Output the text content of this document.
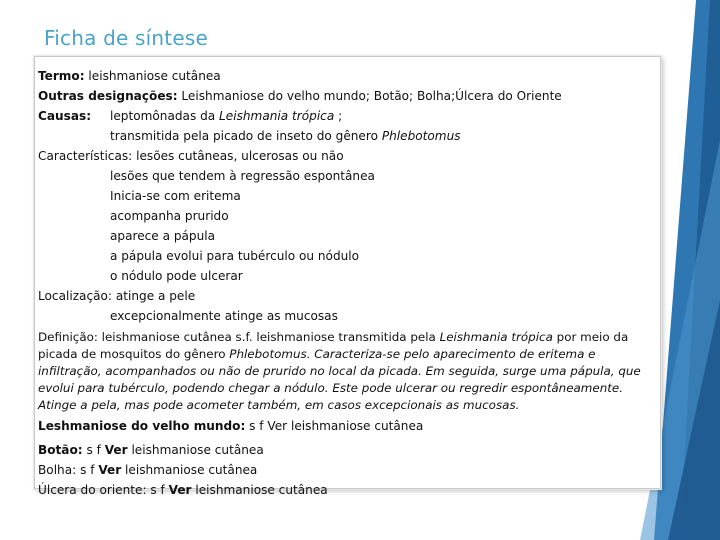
Ficha de síntese
Termo: leishmaniose cutânea
Outras designações: Leishmaniose do velho mundo; Botão; Bolha;Úlcera do Oriente
Causas: leptomônadas da Leishmania trópica ;
transmitida pela picado de inseto do gênero Phlebotomus
Características: lesões cutâneas, ulcerosas ou não
lesões que tendem à regressão espontânea
Inicia-se com eritema
acompanha prurido
aparece a pápula
a pápula evolui para tubérculo ou nódulo
o nódulo pode ulcerar
Localização: atinge a pele
excepcionalmente atinge as mucosas
Definição: leishmaniose cutânea s.f. leishmaniose transmitida pela Leishmania trópica por meio da picada de mosquitos do gênero Phlebotomus. Caracteriza-se pelo aparecimento de eritema e infiltração, acompanhados ou não de prurido no local da picada. Em seguida, surge uma pápula, que evolui para tubérculo, podendo chegar a nódulo. Este pode ulcerar ou regredir espontâneamente. Atinge a pela, mas pode acometer também, em casos excepcionais as mucosas.
Leshmaniose do velho mundo: s f Ver leishmaniose cutânea
Botão: s f Ver leishmaniose cutânea
Bolha: s f Ver leishmaniose cutânea
Úlcera do oriente: s f Ver leishmaniose cutânea
